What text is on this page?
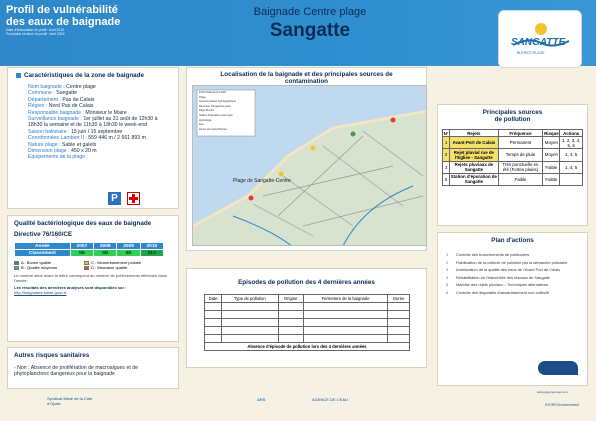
Profil de vulnérabilité
des eaux de baignade
Date d'élaboration du profil : Avril 2010
Prochaine révision du profil : Avril 2015
Baignade Centre plage
Sangatte
SANGATTE
BLERIOT-PLAGE
Caractéristiques de la zone de baignade
Nom baignade : Centre plage
Commune : Sangatte
Département : Pas de Calais
Région : Nord Pas de Calais
Responsable baignade : Monsieur le Maire
Surveillance baignade : 1er juillet au 31 août de 12h30 à 18h30 la semaine et de 11h30 à 18h30 le week-end
Saison balnéaire : 15 juin / 15 septembre
Coordonnées Lambert II : 559 446 m / 2 661 893 m
Nature plage : Sable et galets
Dimension plage : 450 x 20 m
Equipements de la plage :
P
Qualité bactériologique des eaux de baignade
Directive 76/160/CE
Année	2007	2008	2009	2010
Classement	9B	9B	9B	21A
A : Bonne qualité	C : Momentanément polluée
B : Qualité moyenne	D : Mauvaise qualité
Le nombre situé avant la lettre correspond au nombre de prélèvements effectués dans l'année.
Les résultats des dernières analyses sont disponibles sur :
http://baignades.sante.gouv.fr
Autres risques sanitaires
- Non : Absence de prolifération de macroalgues et de phytoplanctons dangereux pour la baignade
Localisation de la baignade et des principales sources de
contamination
Point Prélèvement ARS
Plage
Sources réseau hydrographique
Déversoir d'orage/trop plein
Rejet Pluvial
Station d'épuration avec rejet
Hydrologie
Rue
Zones de rejets Pluviaux
Plage de Sangatte-Centre
Principales sources
de pollution
N°	Rejets	Fréquence	Risque	Actions
1	Avant-Port de Calais	Permanent	Moyen	1, 2, 3, 4, 5, 6
2	Rejet pluvial rue de l'Eglise - Sangatte	Temps de pluie	Moyen	1, 4, 5
3	Rejets pluviaux de Sangatte	Très ponctuelle en été (Fortes pluies)	Faible	1, 4, 5
5	Station d'épuration de Sangatte	Faible	Faible	
Episodes de pollution des 4 dernières années
Date	Type de pollution	Origine	Fermeture de la baignade	Durée

Absence d'épisode de pollution lors des 4 dernières années				
Plan d'actions
1	Contrôle des branchements de particuliers
2	Fiabilisation de la collecte de pollution par la démarche pollutaire
3	Amélioration de la qualité des eaux de l'Avant Port de Calais
4	Réhabilitation de l'étanchéité des réseaux de Sangatte
5	Maîtrise des rejets pluviaux – Techniques alternatives
6	Contrôle des dispositifs d'assainissement non collectif
Syndicat Mixte de la Côte d'Opale
ARS	AGENCE DE L'EAU
www.girgergroupe.com
HYDRO Environnement
